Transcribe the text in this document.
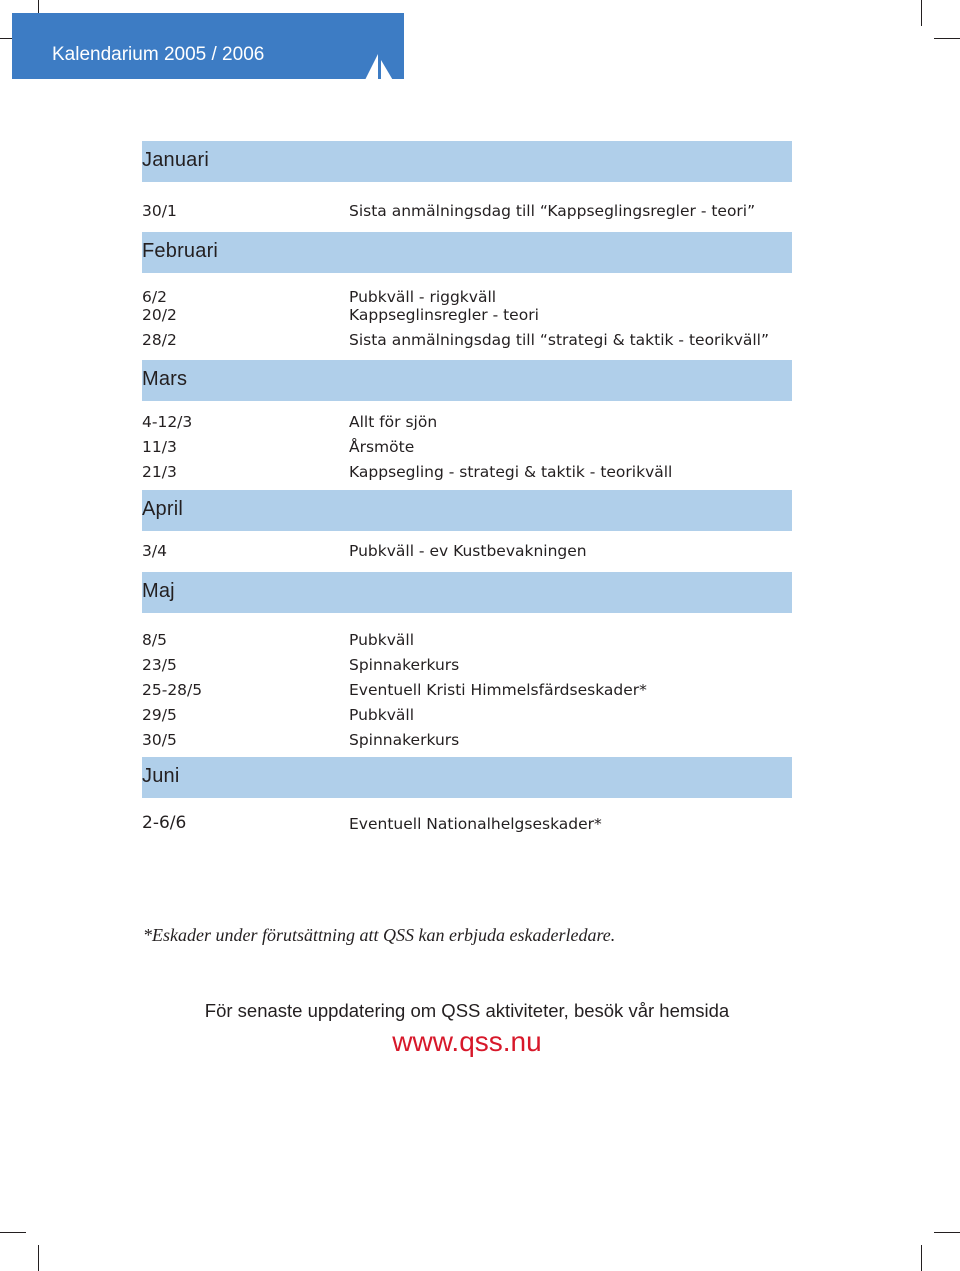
Kalendarium 2005 / 2006
Januari
30/1	Sista anmälningsdag till “Kappseglingsregler - teori”
Februari
6/2	Pubkväll - riggkväll
20/2	Kappseglinsregler - teori
28/2	Sista anmälningsdag till “strategi & taktik - teorikväll”
Mars
4-12/3	Allt för sjön
11/3	Årsmöte
21/3	Kappsegling - strategi & taktik - teorikväll
April
3/4	Pubkväll - ev Kustbevakningen
Maj
8/5	Pubkväll
23/5	Spinnakerkurs
25-28/5	Eventuell Kristi Himmelsfärdseskader*
29/5	Pubkväll
30/5	Spinnakerkurs
Juni
2-6/6	Eventuell Nationalhelgseskader*
*Eskader under förutsättning att QSS kan erbjuda eskaderledare.
För senaste uppdatering om QSS aktiviteter, besök vår hemsida
www.qss.nu
